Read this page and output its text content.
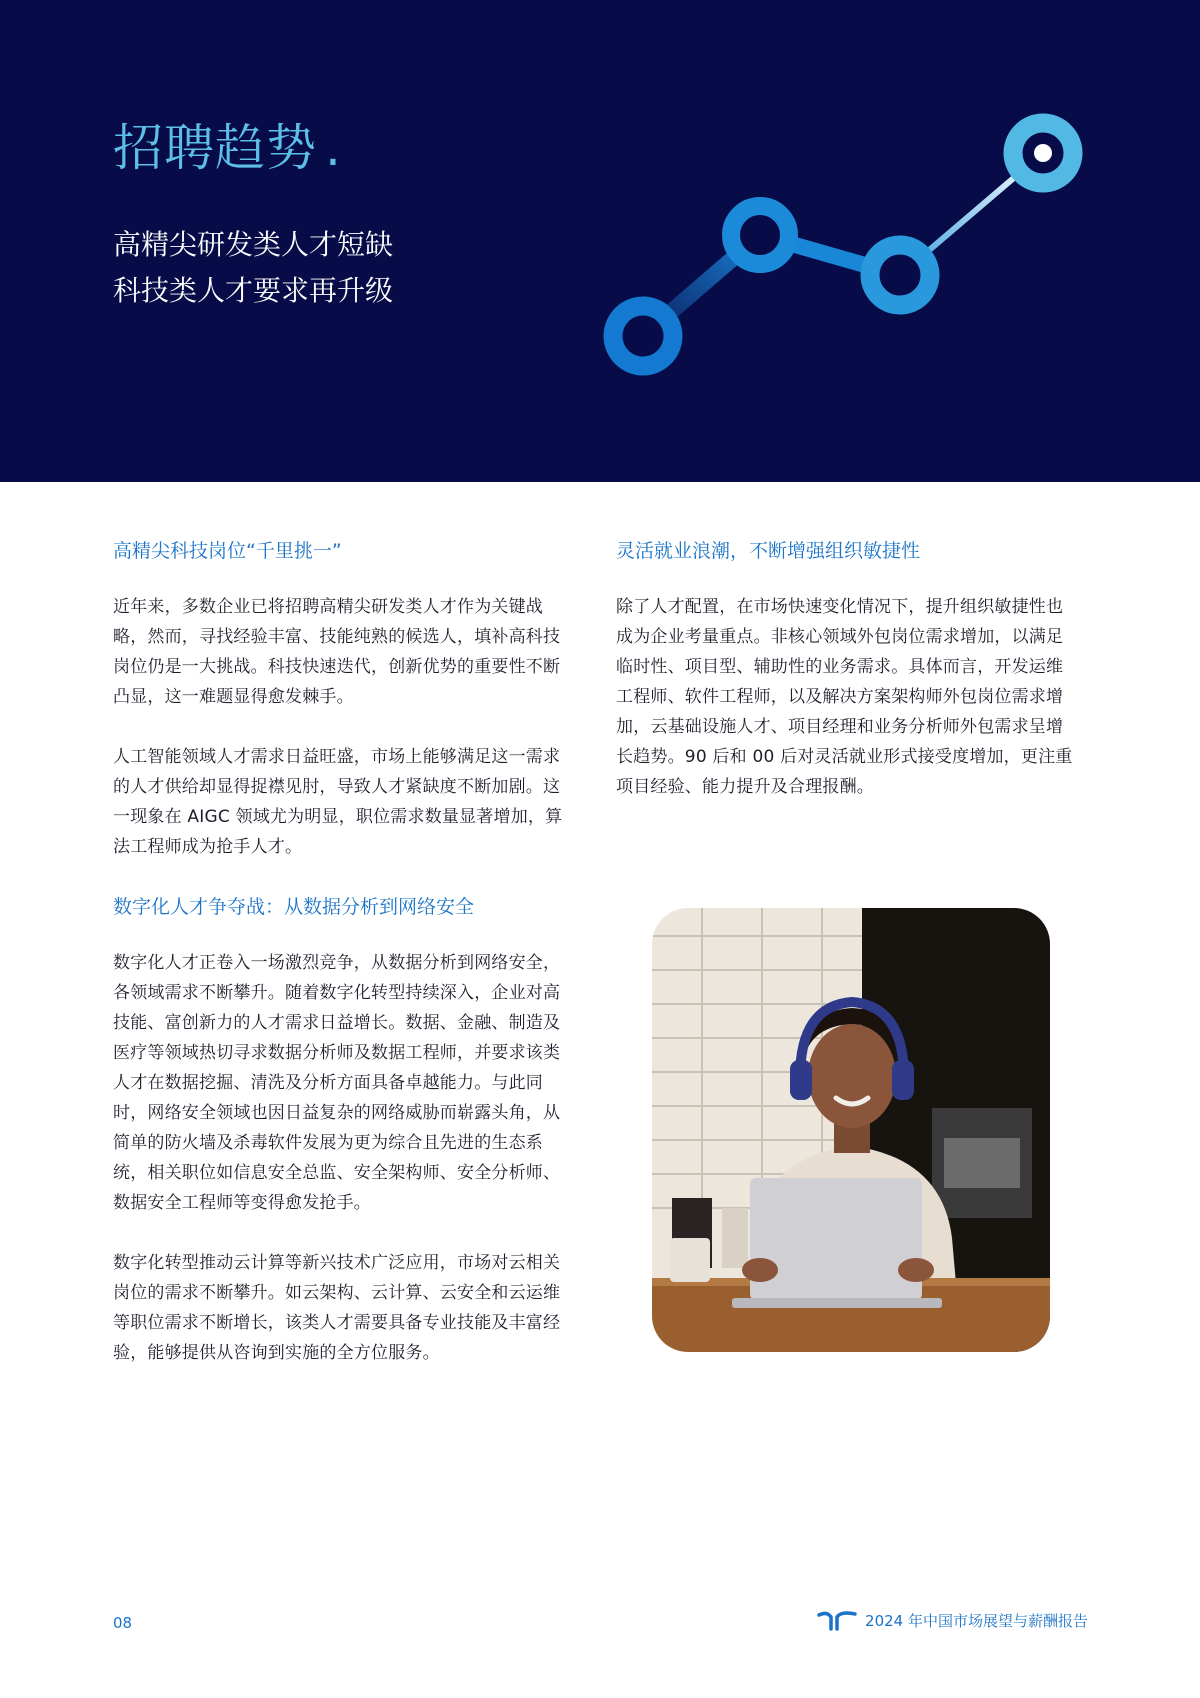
招聘趋势 .
高精尖研发类人才短缺
科技类人才要求再升级
高精尖科技岗位“千里挑一”

近年来，多数企业已将招聘高精尖研发类人才作为关键战略，然而，寻找经验丰富、技能纯熟的候选人，填补高科技岗位仍是一大挑战。科技快速迭代，创新优势的重要性不断凸显，这一难题显得愈发棘手。

人工智能领域人才需求日益旺盛，市场上能够满足这一需求的人才供给却显得捉襟见肘，导致人才紧缺度不断加剧。这一现象在 AIGC 领域尤为明显，职位需求数量显著增加，算法工程师成为抢手人才。

数字化人才争夺战：从数据分析到网络安全

数字化人才正卷入一场激烈竞争，从数据分析到网络安全，各领域需求不断攀升。随着数字化转型持续深入，企业对高技能、富创新力的人才需求日益增长。数据、金融、制造及医疗等领域热切寻求数据分析师及数据工程师，并要求该类人才在数据挖掘、清洗及分析方面具备卓越能力。与此同时，网络安全领域也因日益复杂的网络威胁而崭露头角，从简单的防火墙及杀毒软件发展为更为综合且先进的生态系统，相关职位如信息安全总监、安全架构师、安全分析师、数据安全工程师等变得愈发抢手。

数字化转型推动云计算等新兴技术广泛应用，市场对云相关岗位的需求不断攀升。如云架构、云计算、云安全和云运维等职位需求不断增长，该类人才需要具备专业技能及丰富经验，能够提供从咨询到实施的全方位服务。

灵活就业浪潮，不断增强组织敏捷性

除了人才配置，在市场快速变化情况下，提升组织敏捷性也成为企业考量重点。非核心领域外包岗位需求增加，以满足临时性、项目型、辅助性的业务需求。具体而言，开发运维工程师、软件工程师，以及解决方案架构师外包岗位需求增加，云基础设施人才、项目经理和业务分析师外包需求呈增长趋势。90 后和 00 后对灵活就业形式接受度增加，更注重项目经验、能力提升及合理报酬。

08	2024 年中国市场展望与薪酬报告
